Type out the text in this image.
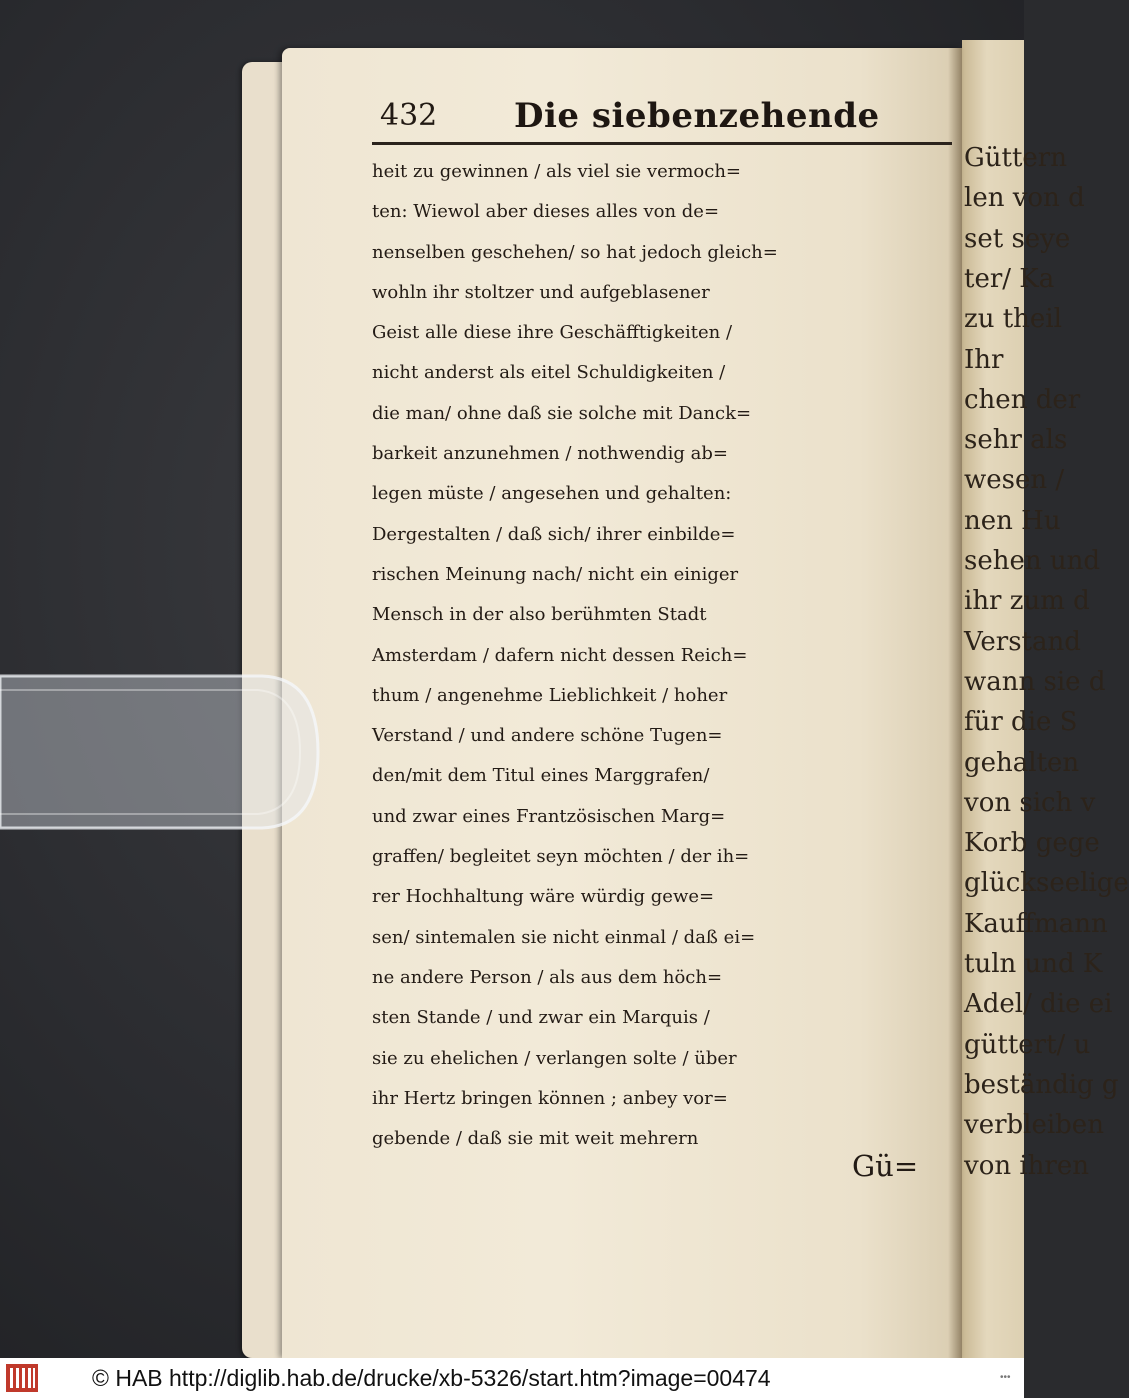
Güttern
len von d
set seye
ter/ Ka
zu theil
Ihr
chen der
sehr als
wesen /
nen Hu
sehen und
ihr zum d
Verstand
wann sie d
für die S
gehalten
von sich v
Korb gege
glückseelige
Kauffmann
tuln und K
Adel/ die ei
güttert/ u
beständig g
verbleiben
von ihren
432 Die siebenzehende
heit zu gewinnen / als viel sie vermoch=
ten: Wiewol aber dieses alles von de=
nenselben geschehen/ so hat jedoch gleich=
wohln ihr stoltzer und aufgeblasener
Geist alle diese ihre Geschäfftigkeiten /
nicht anderst als eitel Schuldigkeiten /
die man/ ohne daß sie solche mit Danck=
barkeit anzunehmen / nothwendig ab=
legen müste / angesehen und gehalten:
Dergestalten / daß sich/ ihrer einbilde=
rischen Meinung nach/ nicht ein einiger
Mensch in der also berühmten Stadt
Amsterdam / dafern nicht dessen Reich=
thum / angenehme Lieblichkeit / hoher
Verstand / und andere schöne Tugen=
den/mit dem Titul eines Marggrafen/
und zwar eines Frantzösischen Marg=
graffen/ begleitet seyn möchten / der ih=
rer Hochhaltung wäre würdig gewe=
sen/ sintemalen sie nicht einmal / daß ei=
ne andere Person / als aus dem höch=
sten Stande / und zwar ein Marquis /
sie zu ehelichen / verlangen solte / über
ihr Hertz bringen können ; anbey vor=
gebende / daß sie mit weit mehrern
Gü=
© HAB http://diglib.hab.de/drucke/xb-5326/start.htm?image=00474	•••
